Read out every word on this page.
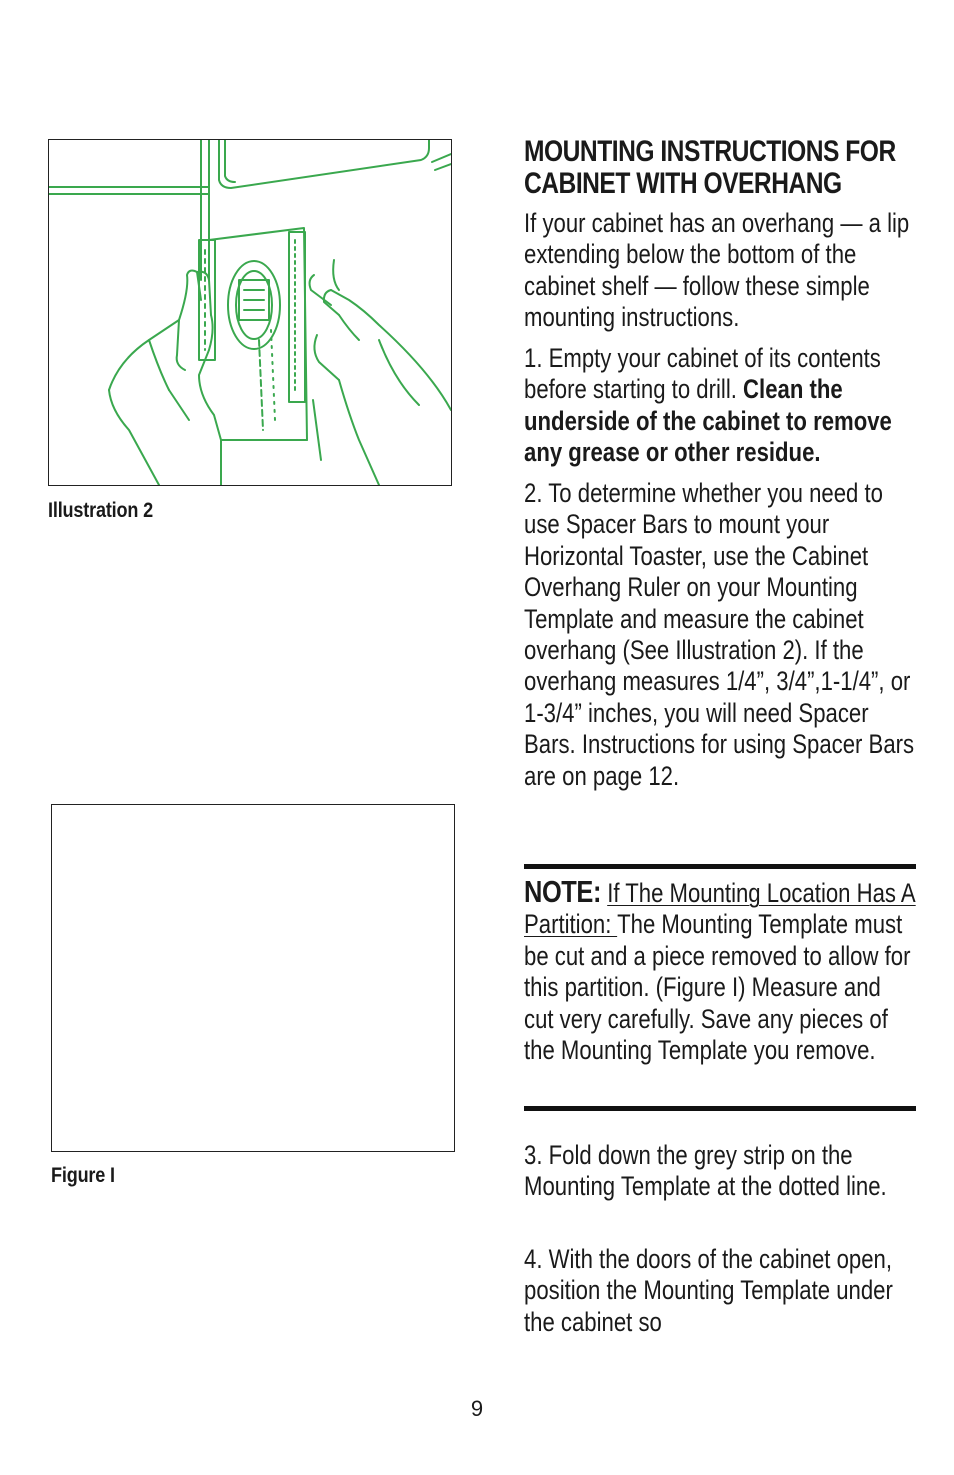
Illustration 2
Figure I
MOUNTING INSTRUCTIONS FOR
CABINET WITH OVERHANG

If your cabinet has an overhang — a lip extending below the bottom of the cabinet shelf — follow these simple mounting instructions.

1. Empty your cabinet of its contents before starting to drill. Clean the underside of the cabinet to remove any grease or other residue.

2. To determine whether you need to use Spacer Bars to mount your Horizontal Toaster, use the Cabinet Overhang Ruler on your Mounting Template and measure the cabinet overhang (See Illustration 2). If the overhang measures 1/4”, 3/4”,1-1/4”, or 1-3/4” inches, you will need Spacer Bars. Instructions for using Spacer Bars are on page 12.

NOTE: If The Mounting Location Has A Partition: The Mounting Template must be cut and a piece removed to allow for this partition. (Figure I) Measure and cut very carefully. Save any pieces of the Mounting Template you remove.

3. Fold down the grey strip on the Mounting Template at the dotted line.

4. With the doors of the cabinet open, position the Mounting Template under the cabinet so

9
